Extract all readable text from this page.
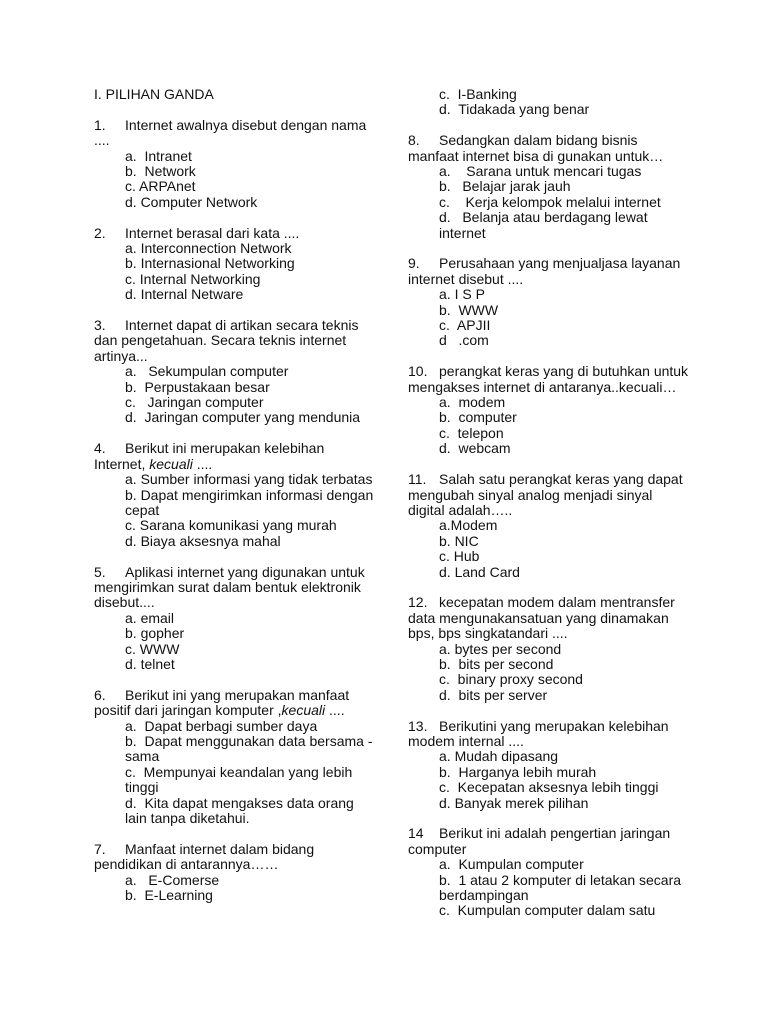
I. PILIHAN GANDA
1. Internet awalnya disebut dengan nama ....
a.  Intranet
b.  Network
c. ARPAnet
d. Computer Network
2. Internet berasal dari kata ....
a. Interconnection Network
b. Internasional Networking
c. Internal Networking
d. Internal Netware
3. Internet dapat di artikan secara teknis dan pengetahuan. Secara teknis internet artinya...
a.   Sekumpulan computer
b.  Perpustakaan besar
c.   Jaringan computer
d.  Jaringan computer yang mendunia
4. Berikut ini merupakan kelebihan Internet, kecuali ....
a. Sumber informasi yang tidak terbatas
b. Dapat mengirimkan informasi dengan cepat
c. Sarana komunikasi yang murah
d. Biaya aksesnya mahal
5. Aplikasi internet yang digunakan untuk mengirimkan surat dalam bentuk elektronik disebut....
a. email
b. gopher
c. WWW
d. telnet
6. Berikut ini yang merupakan manfaat positif dari jaringan komputer ,kecuali ....
a.  Dapat berbagi sumber daya
b.  Dapat menggunakan data bersama - sama
c.  Mempunyai keandalan yang lebih tinggi
d.  Kita dapat mengakses data orang lain tanpa diketahui.
7. Manfaat internet dalam bidang pendidikan di antarannya……
a.   E-Comerse
b.  E-Learning
c.  I-Banking
d.  Tidakada yang benar
8. Sedangkan dalam bidang bisnis manfaat internet bisa di gunakan untuk…
a.    Sarana untuk mencari tugas
b.   Belajar jarak jauh
c.    Kerja kelompok melalui internet
d.   Belanja atau berdagang lewat internet
9. Perusahaan yang menjualjasa layanan internet disebut ....
a. I S P
b.  WWW
c.  APJII
d   .com
10. perangkat keras yang di butuhkan untuk mengakses internet di antaranya..kecuali…
a.  modem
b.  computer
c.  telepon
d.  webcam
11. Salah satu perangkat keras yang dapat mengubah sinyal analog menjadi sinyal digital adalah…..
a.Modem
b. NIC
c. Hub
d. Land Card
12. kecepatan modem dalam mentransfer data mengunakansatuan yang dinamakan bps, bps singkatandari ....
a. bytes per second
b.  bits per second
c.  binary proxy second
d.  bits per server
13. Berikutini yang merupakan kelebihan modem internal ....
a. Mudah dipasang
b.  Harganya lebih murah
c.  Kecepatan aksesnya lebih tinggi
d. Banyak merek pilihan
14 Berikut ini adalah pengertian jaringan computer
a.  Kumpulan computer
b.  1 atau 2 komputer di letakan secara berdampingan
c.  Kumpulan computer dalam satu
